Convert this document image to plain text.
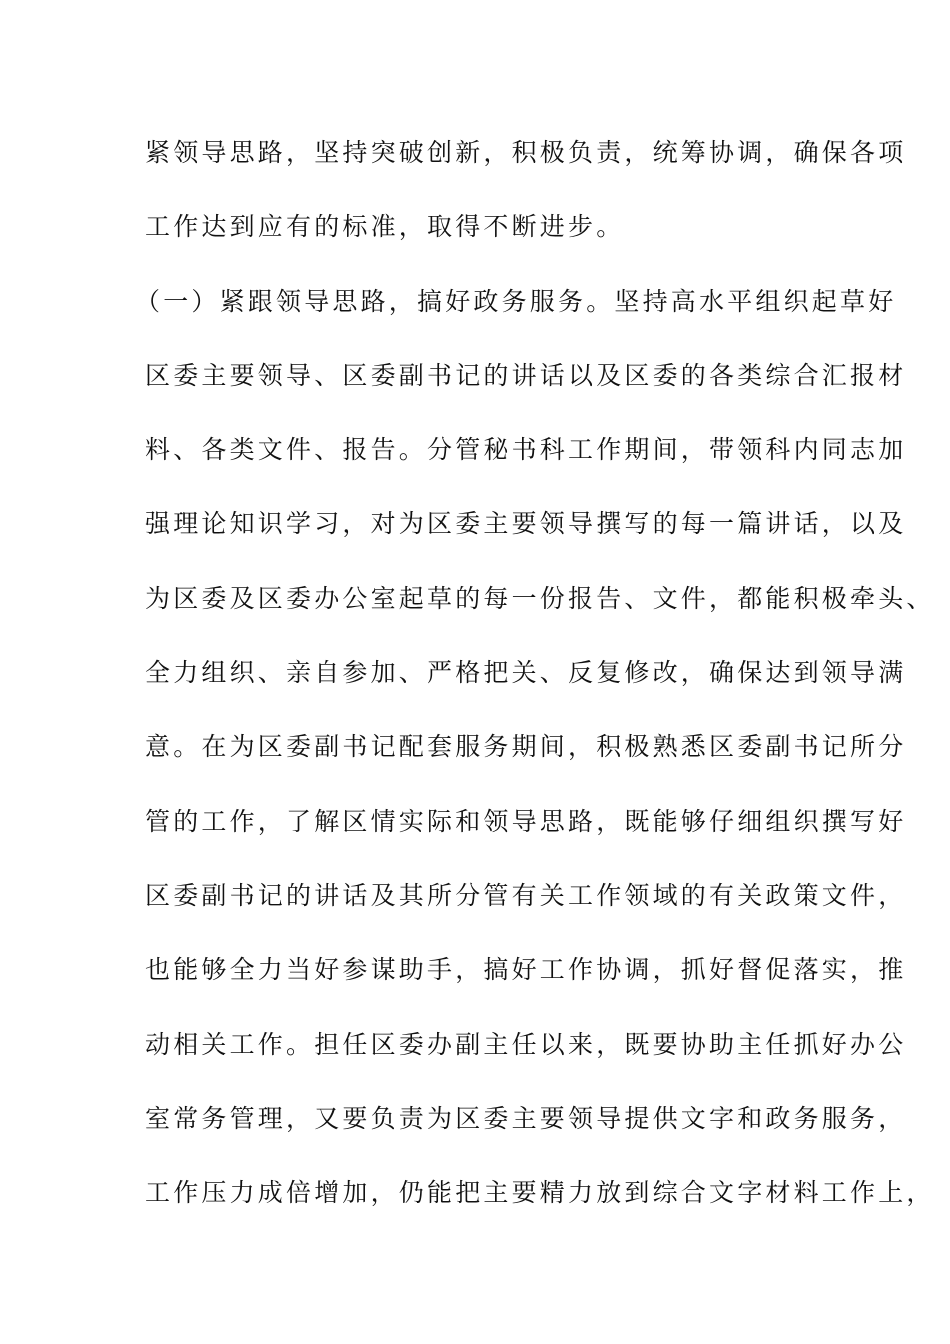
紧领导思路，坚持突破创新，积极负责，统筹协调，确保各项
工作达到应有的标准，取得不断进步。
（一）紧跟领导思路，搞好政务服务。坚持高水平组织起草好
区委主要领导、区委副书记的讲话以及区委的各类综合汇报材
料、各类文件、报告。分管秘书科工作期间，带领科内同志加
强理论知识学习，对为区委主要领导撰写的每一篇讲话，以及
为区委及区委办公室起草的每一份报告、文件，都能积极牵头、
全力组织、亲自参加、严格把关、反复修改，确保达到领导满
意。在为区委副书记配套服务期间，积极熟悉区委副书记所分
管的工作，了解区情实际和领导思路，既能够仔细组织撰写好
区委副书记的讲话及其所分管有关工作领域的有关政策文件，
也能够全力当好参谋助手，搞好工作协调，抓好督促落实，推
动相关工作。担任区委办副主任以来，既要协助主任抓好办公
室常务管理，又要负责为区委主要领导提供文字和政务服务，
工作压力成倍增加，仍能把主要精力放到综合文字材料工作上，
